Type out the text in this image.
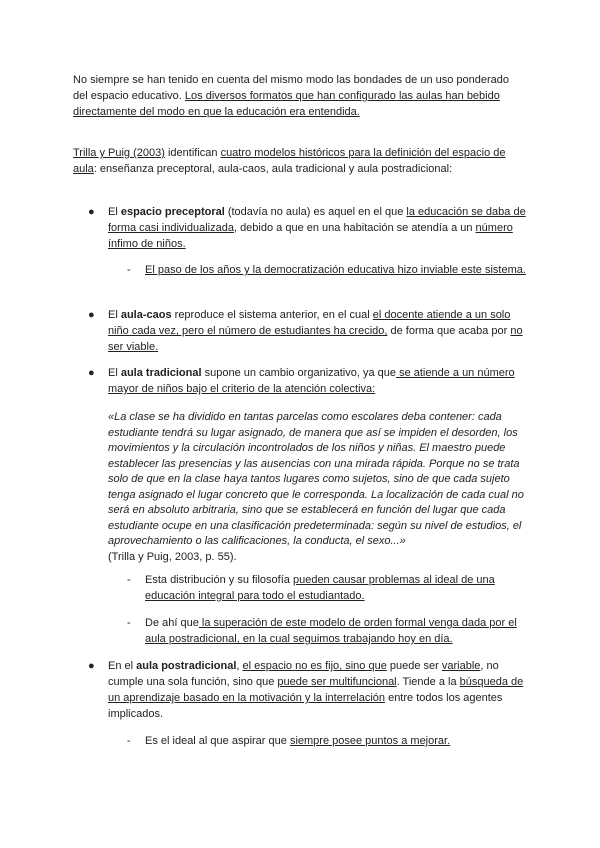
No siempre se han tenido en cuenta del mismo modo las bondades de un uso ponderado del espacio educativo. Los diversos formatos que han configurado las aulas han bebido directamente del modo en que la educación era entendida.

Trilla y Puig (2003) identifican cuatro modelos históricos para la definición del espacio de aula: enseñanza preceptoral, aula-caos, aula tradicional y aula postradicional:

● El espacio preceptoral (todavía no aula) es aquel en el que la educación se daba de forma casi individualizada, debido a que en una habitación se atendía a un número ínfimo de niños.

- El paso de los años y la democratización educativa hizo inviable este sistema.

● El aula-caos reproduce el sistema anterior, en el cual el docente atiende a un solo niño cada vez, pero el número de estudiantes ha crecido, de forma que acaba por no ser viable.

● El aula tradicional supone un cambio organizativo, ya que se atiende a un número mayor de niños bajo el criterio de la atención colectiva:

«La clase se ha dividido en tantas parcelas como escolares deba contener: cada estudiante tendrá su lugar asignado, de manera que así se impiden el desorden, los movimientos y la circulación incontrolados de los niños y niñas. El maestro puede establecer las presencias y las ausencias con una mirada rápida. Porque no se trata solo de que en la clase haya tantos lugares como sujetos, sino de que cada sujeto tenga asignado el lugar concreto que le corresponda. La localización de cada cual no será en absoluto arbitraria, sino que se establecerá en función del lugar que cada estudiante ocupe en una clasificación predeterminada: según su nivel de estudios, el aprovechamiento o las calificaciones, la conducta, el sexo...»

(Trilla y Puig, 2003, p. 55).

- Esta distribución y su filosofía pueden causar problemas al ideal de una educación integral para todo el estudiantado.

- De ahí que la superación de este modelo de orden formal venga dada por el aula postradicional, en la cual seguimos trabajando hoy en día.

● En el aula postradicional, el espacio no es fijo, sino que puede ser variable, no cumple una sola función, sino que puede ser multifuncional. Tiende a la búsqueda de un aprendizaje basado en la motivación y la interrelación entre todos los agentes implicados.

- Es el ideal al que aspirar que siempre posee puntos a mejorar.
